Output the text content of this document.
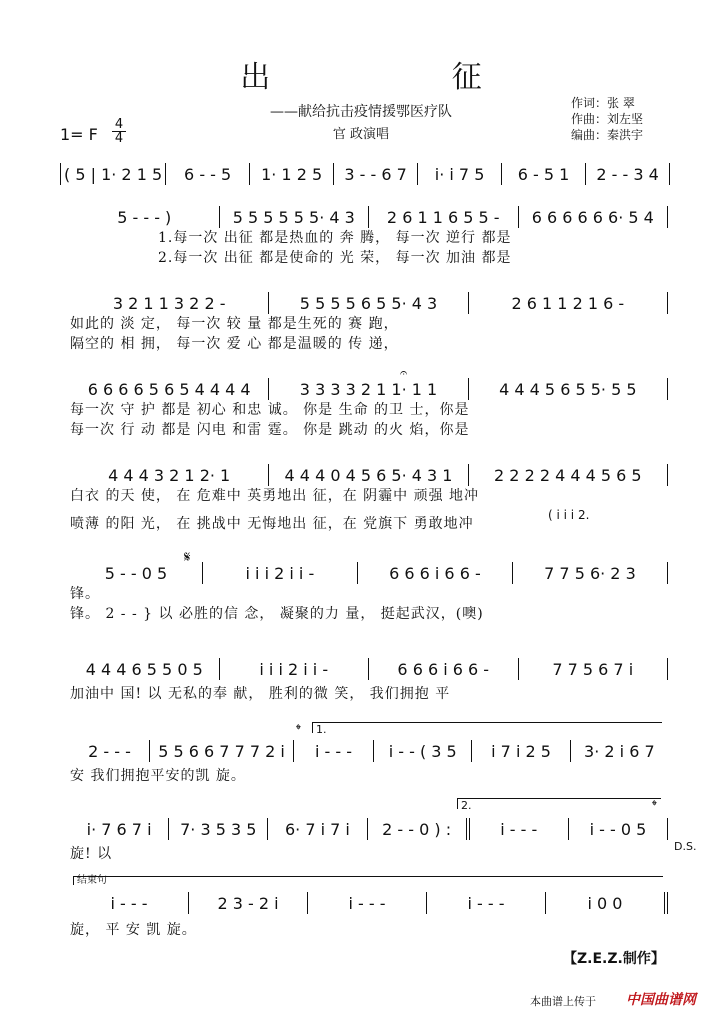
出 征
——献给抗击疫情援鄂医疗队
官 政演唱
作词：张 翠
作曲：刘左坚
编曲：秦洪宇
1= F
4
4
( 5 | 1· 2 1 5	6 - - 5	1· 1 2 5	3 - - 6 7	i· i 7 5	6 - 5 1	2 - - 3 4
5 - - - )	5 5 5 5 5 5· 4 3	2 6 1 1 6 5 5 -	6 6 6 6 6 6· 5 4
1.每一次 出征 都是热血的 奔 腾， 每一次 逆行 都是
2.每一次 出征 都是使命的 光 荣， 每一次 加油 都是
3 2 1 1 3 2 2 -	5 5 5 5 6 5 5· 4 3	2 6 1 1 2 1 6 -
如此的 淡 定， 每一次 较 量 都是生死的 赛 跑，
隔空的 相 拥， 每一次 爱 心 都是温暖的 传 递，
𝄐
6 6 6 6 5 6 5 4 4 4 4	3 3 3 3 2 1 1· 1 1	4 4 4 5 6 5 5· 5 5
每一次 守 护 都是 初心 和忠 诚。 你是 生命 的卫 士，你是
每一次 行 动 都是 闪电 和雷 霆。 你是 跳动 的火 焰，你是
4 4 4 3 2 1 2· 1	4 4 4 0 4 5 6 5· 4 3 1	2 2 2 2 4 4 4 5 6 5
白衣 的天 使， 在 危难中 英勇地出 征，在 阴霾中 顽强 地冲
( i i i 2.
喷薄 的阳 光， 在 挑战中 无悔地出 征，在 党旗下 勇敢地冲
𝄋
5 - - 0 5	i i i 2 i i -	6 6 6 i 6 6 -	7 7 5 6· 2 3
锋。
锋。 2 - - } 以 必胜的信 念， 凝聚的力 量， 挺起武汉，(噢)
4 4 4 6 5 5 0 5	i i i 2 i i -	6 6 6 i 6 6 -	7 7 5 6 7 i
加油中 国! 以 无私的奉 献， 胜利的微 笑， 我们拥抱 平
𝄌	1.
2 - - -	5 5 6 6 7 7 7 2 i	i - - -	i - - ( 3 5	i 7 i 2 5	3· 2 i 6 7
安 我们拥抱平安的凯 旋。
2.	𝄌
i· 7 6 7 i	7· 3 5 3 5	6· 7 i 7 i	2 - - 0 ) :	i - - -	i - - 0 5
旋! 以	D.S.
结束句
i - - -	2 3 - 2 i	i - - -	i - - -	i 0 0
旋， 平 安 凯 旋。
【Z.E.Z.制作】
本曲谱上传于 中国曲谱网
